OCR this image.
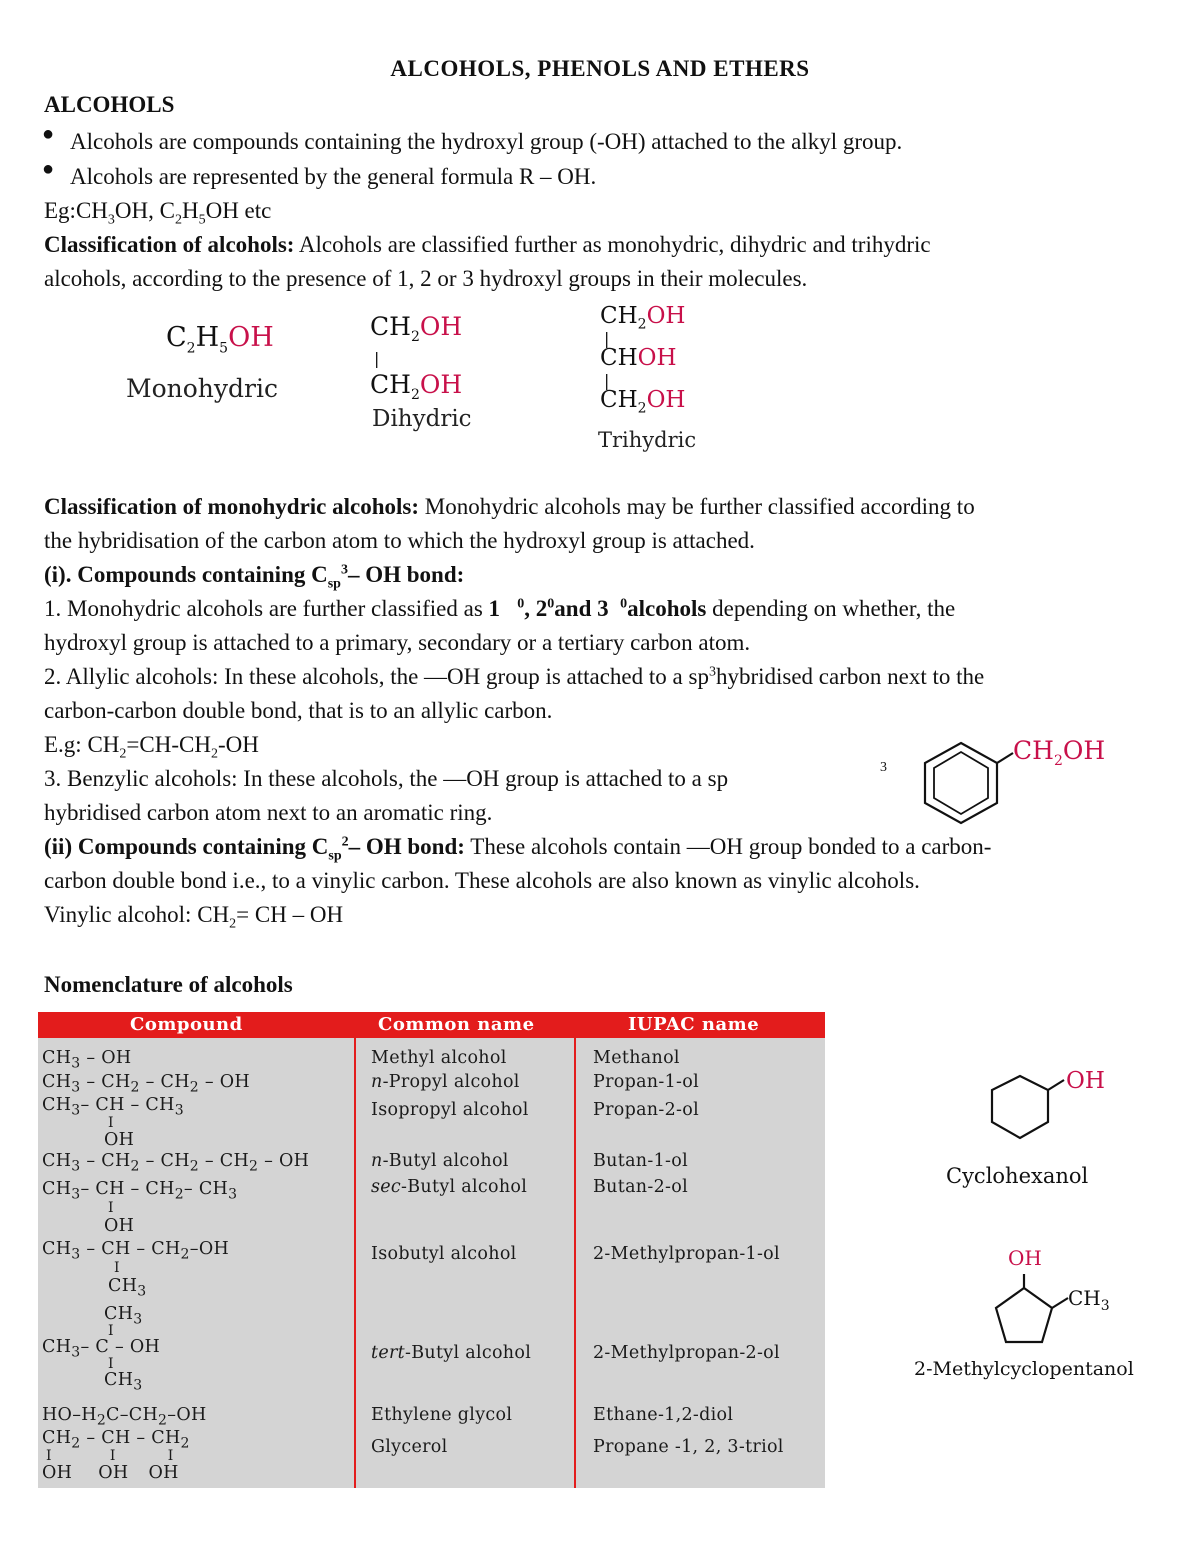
ALCOHOLS, PHENOLS AND ETHERS
ALCOHOLS
● Alcohols are compounds containing the hydroxyl group (-OH) attached to the alkyl group.
● Alcohols are represented by the general formula R – OH.
$Eg:CH_3OH$, $C_2H_5OH$ etc
Classification of alcohols: Alcohols are classified further as monohydric, dihydric and trihydric
alcohols, according to the presence of 1, 2 or 3 hydroxyl groups in their molecules.
$C_2H_5OH$
Monohydric
$CH_2OH$
|
$CH_2OH$
Dihydric
$CH_2OH$
|
CHOH
|
$CH_2OH$
Trihydric
Classification of monohydric alcohols: Monohydric alcohols may be further classified according to
the hybridisation of the carbon atom to which the hydroxyl group is attached.
(i). Compounds containing $C_{sp}^3-$ OH bond:
1. Monohydric alcohols are further classified as 1   $^0$, $2^0and$ 3  $^0$alcohols depending on whether, the
hydroxyl group is attached to a primary, secondary or a tertiary carbon atom.
2. Allylic alcohols: In these alcohols, the —OH group is attached to a $sp^3hybridised$ carbon next to the
carbon-carbon double bond, that is to an allylic carbon.
E.g: $CH_2=CH-CH_2-OH$
3. Benzylic alcohols: In these alcohols, the —OH group is attached to a sp	3
hybridised carbon atom next to an aromatic ring.
$CH_2OH$
(ii) Compounds containing $C_{sp}^2-$ OH bond: These alcohols contain —OH group bonded to a carbon-
carbon double bond i.e., to a vinylic carbon. These alcohols are also known as vinylic alcohols.
Vinylic alcohol: $CH_2=$ CH – OH
Nomenclature of alcohols
Compound	Common name	IUPAC name
$CH_3$ – OH	Methyl alcohol	Methanol
$CH_3 - CH_2 - CH_2$ – OH	n-Propyl alcohol	Propan-1-ol
$CH_3-$ CH – $CH_3$
I
OH
Isopropyl alcohol	Propan-2-ol
$CH_3 - CH_2 - CH_2 - CH_2$ – OH	n-Butyl alcohol	Butan-1-ol
$CH_3-$ CH – $CH_2-$ $CH_3$
I
OH
sec-Butyl alcohol	Butan-2-ol
$CH_3$ – CH – $CH_2-OH$
I
$CH_3$
Isobutyl alcohol	2-Methylpropan-1-ol
$CH_3$
I
$CH_3-$ C – OH
I
$CH_3$
tert-Butyl alcohol	2-Methylpropan-2-ol
$HO-H_2C-CH_2-OH$	Ethylene glycol	Ethane-1,2-diol
$CH_2$ – CH – $CH_2$
I	I	I
OH OH OH
Glycerol	Propane -1, 2, 3-triol
OH
Cyclohexanol
OH
$CH_3$
2-Methylcyclopentanol
